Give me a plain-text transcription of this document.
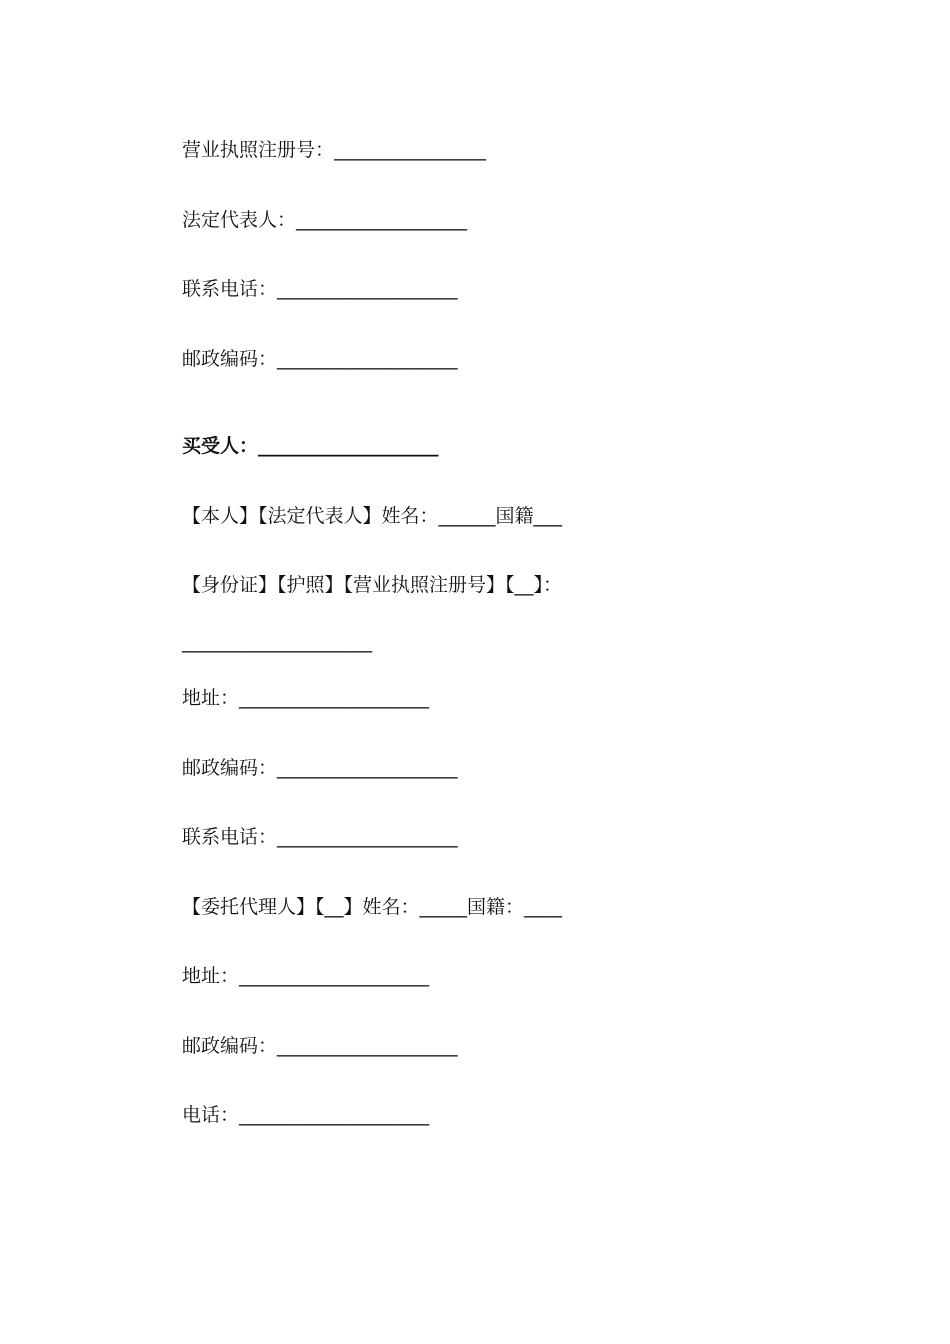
营业执照注册号：________________
法定代表人：__________________
联系电话：___________________
邮政编码：___________________
买受人：___________________
【本人】【法定代表人】姓名：______国籍___
【身份证】【护照】【营业执照注册号】【__】：
____________________
地址：____________________
邮政编码：___________________
联系电话：___________________
【委托代理人】【__】姓名：_____国籍：____
地址：____________________
邮政编码：___________________
电话：____________________
